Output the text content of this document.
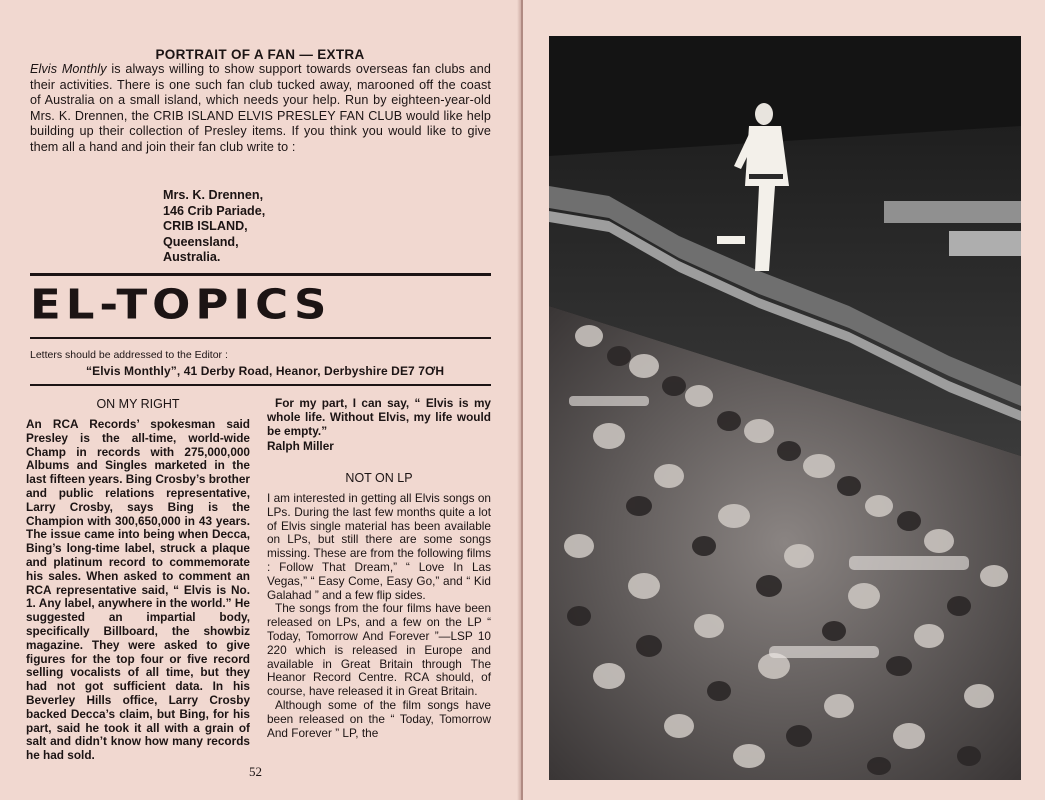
PORTRAIT OF A FAN — EXTRA
Elvis Monthly is always willing to show support towards overseas fan clubs and their activities. There is one such fan club tucked away, marooned off the coast of Australia on a small island, which needs your help. Run by eighteen-year-old Mrs. K. Drennen, the CRIB ISLAND ELVIS PRESLEY FAN CLUB would like help building up their collection of Presley items. If you think you would like to give them all a hand and join their fan club write to :
Mrs. K. Drennen,
146 Crib Pariade,
CRIB ISLAND,
Queensland,
Australia.
EL-TOPICS
Letters should be addressed to the Editor :
“Elvis Monthly”, 41 Derby Road, Heanor, Derbyshire DE7 7ƠH
ON MY RIGHT
An RCA Records’ spokesman said Presley is the all-time, world-wide Champ in records with 275,000,000 Albums and Singles marketed in the last fifteen years. Bing Crosby’s brother and public relations representative, Larry Crosby, says Bing is the Champion with 300,650,000 in 43 years. The issue came into being when Decca, Bing’s long-time label, struck a plaque and platinum record to commemorate his sales. When asked to comment an RCA representative said, “ Elvis is No. 1. Any label, anywhere in the world.” He suggested an impartial body, specifically Billboard, the showbiz magazine. They were asked to give figures for the top four or five record selling vocalists of all time, but they had not got sufficient data. In his Beverley Hills office, Larry Crosby backed Decca’s claim, but Bing, for his part, said he took it all with a grain of salt and didn’t know how many records he had sold.

For my part, I can say, “ Elvis is my whole life. Without Elvis, my life would be empty.”

Ralph Miller

NOT ON LP

I am interested in getting all Elvis songs on LPs. During the last few months quite a lot of Elvis single material has been available on LPs, but still there are some songs missing. These are from the following films : Follow That Dream,” “ Love In Las Vegas,” “ Easy Come, Easy Go,” and “ Kid Galahad ” and a few flip sides.

The songs from the four films have been released on LPs, and a few on the LP “ Today, Tomorrow And Forever ”—LSP 10 220 which is released in Europe and available in Great Britain through The Heanor Record Centre. RCA should, of course, have released it in Great Britain.

Although some of the film songs have been released on the “ Today, Tomorrow And Forever ” LP, the

52
